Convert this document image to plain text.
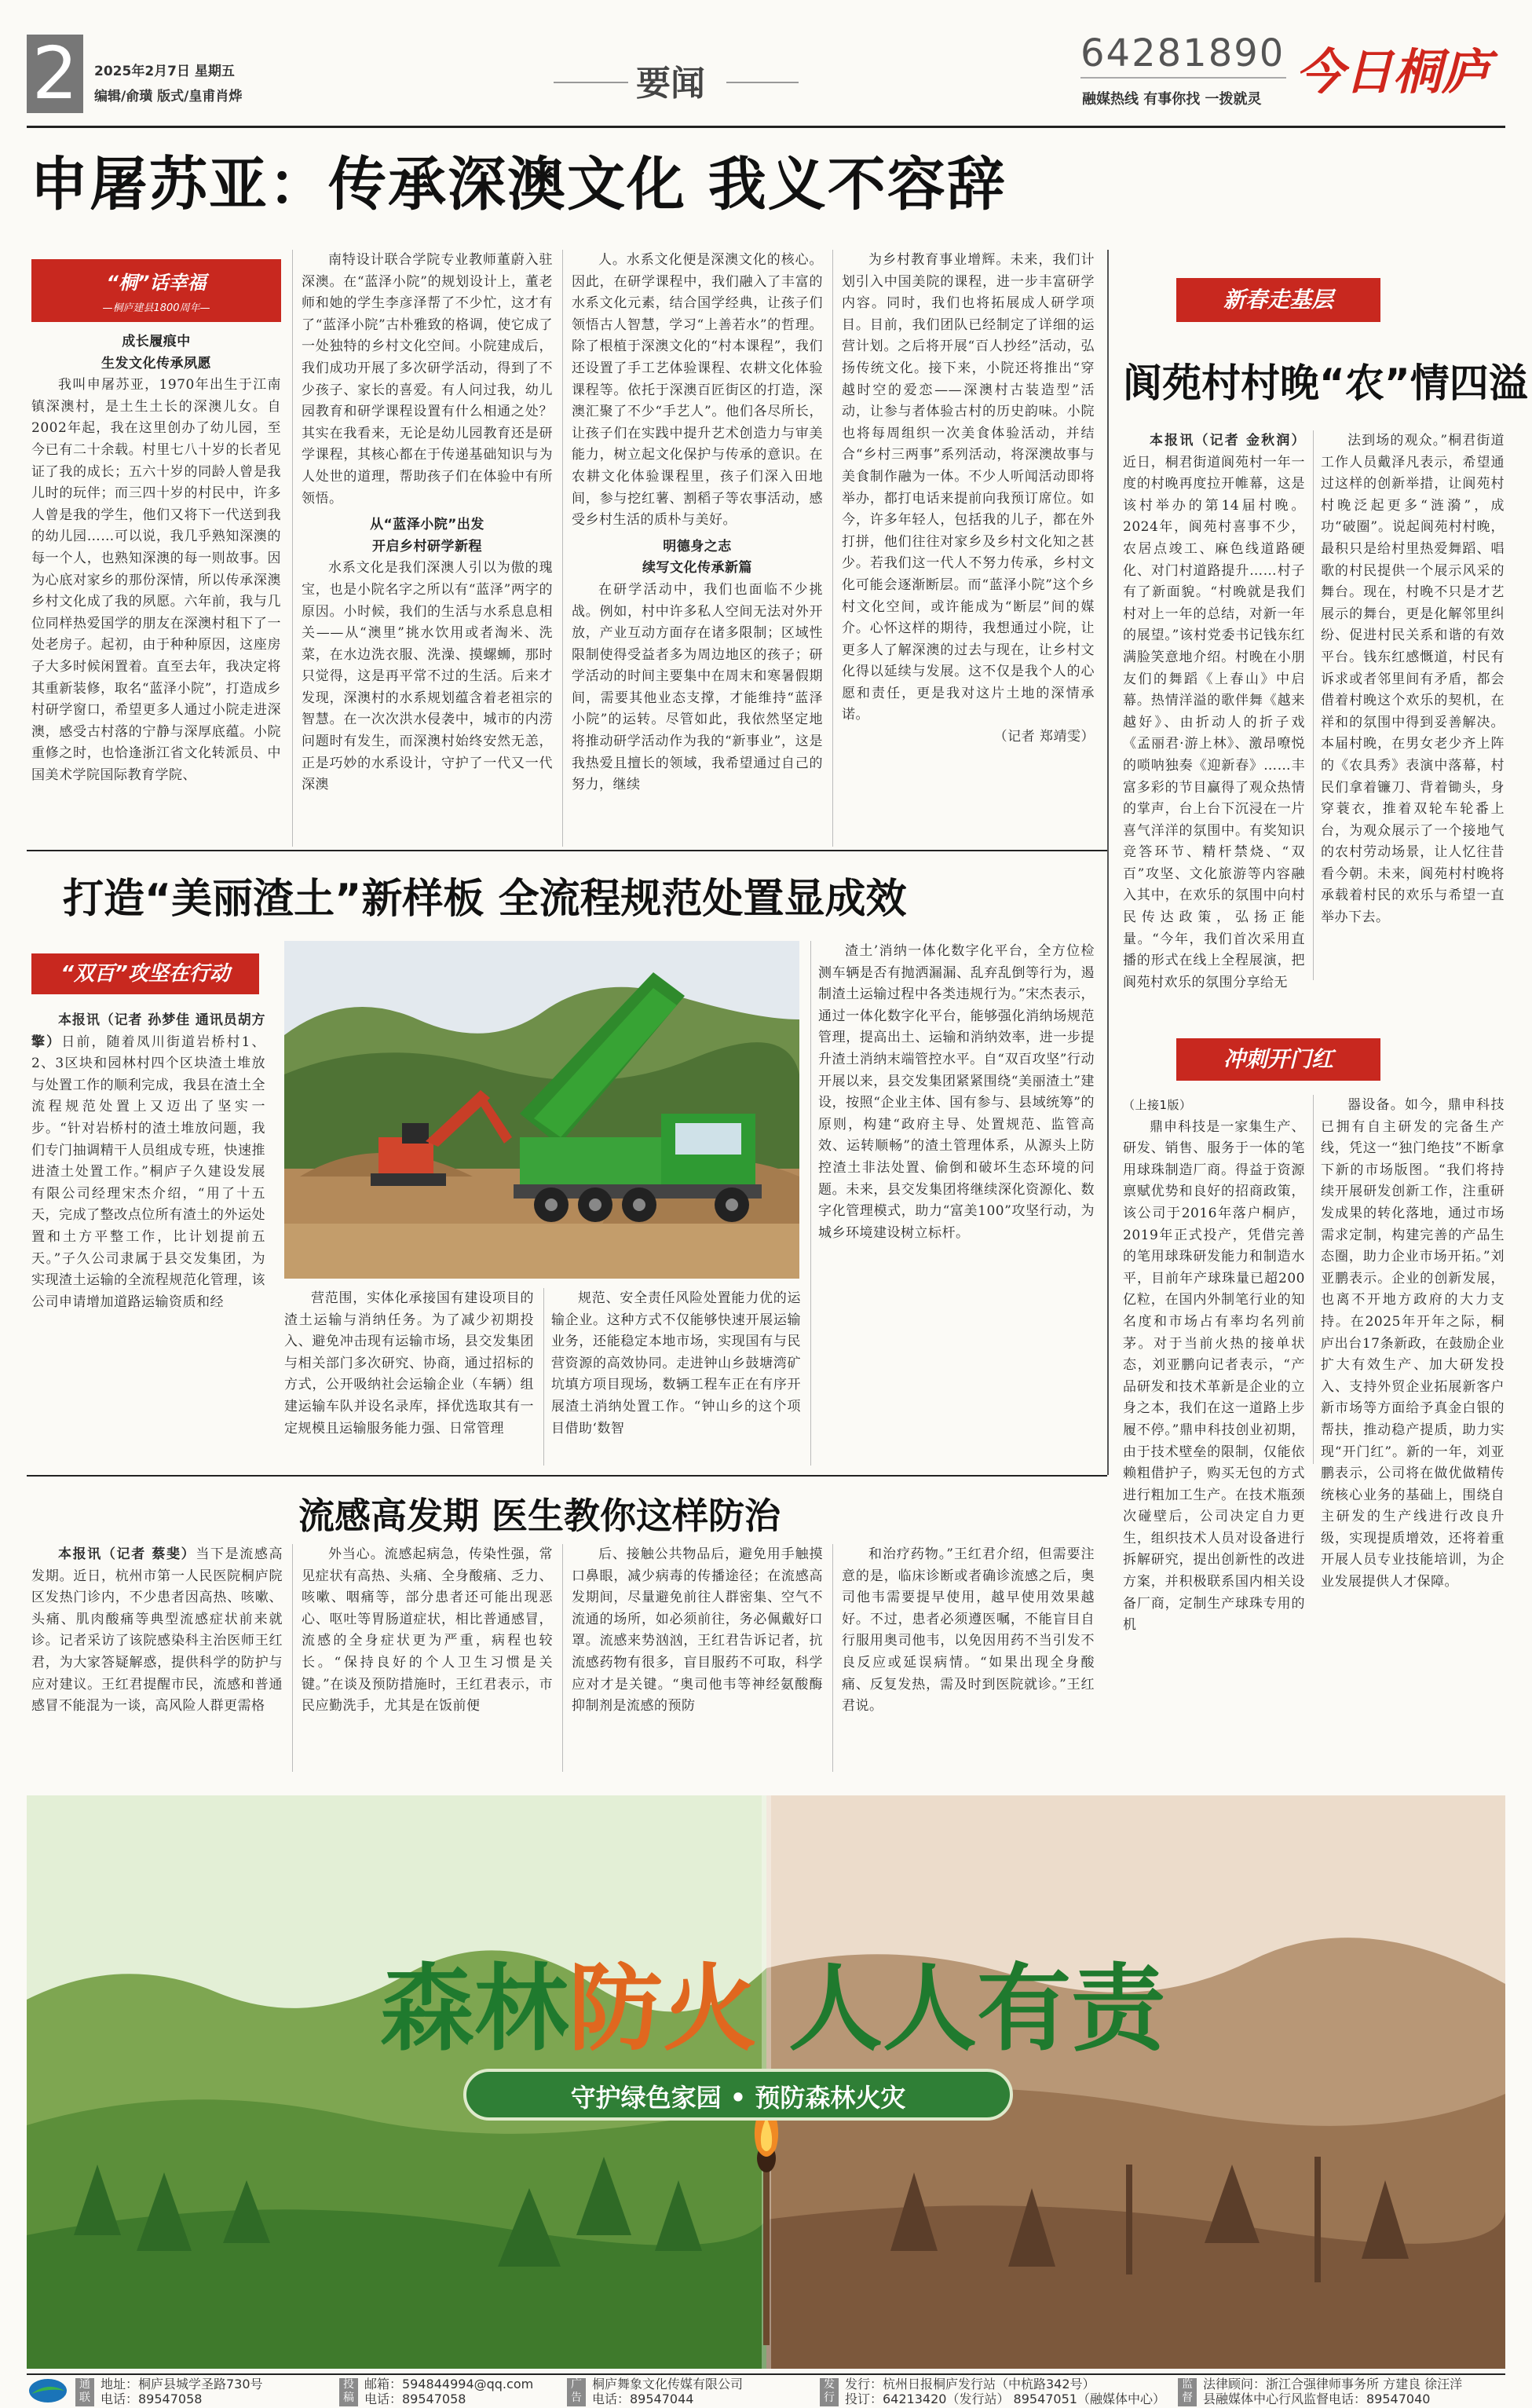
2	2025年2月7日 星期五
编辑/俞璜 版式/皇甫肖烨	要闻
64281890
融媒热线 有事你找 一拨就灵 今日桐庐
申屠苏亚：传承深澳文化 我义不容辞
“桐”话幸福
—桐庐建县1800周年—

成长履痕中

生发文化传承夙愿

我叫申屠苏亚，1970年出生于江南镇深澳村，是土生土长的深澳儿女。自2002年起，我在这里创办了幼儿园，至今已有二十余载。村里七八十岁的长者见证了我的成长；五六十岁的同龄人曾是我儿时的玩伴；而三四十岁的村民中，许多人曾是我的学生，他们又将下一代送到我的幼儿园……可以说，我几乎熟知深澳的每一个人，也熟知深澳的每一则故事。因为心底对家乡的那份深情，所以传承深澳乡村文化成了我的夙愿。六年前，我与几位同样热爱国学的朋友在深澳村租下了一处老房子。起初，由于种种原因，这座房子大多时候闲置着。直至去年，我决定将其重新装修，取名“蓝泽小院”，打造成乡村研学窗口，希望更多人通过小院走进深澳，感受古村落的宁静与深厚底蕴。小院重修之时，也恰逢浙江省文化转派员、中国美术学院国际教育学院、

南特设计联合学院专业教师董蔚入驻深澳。在“蓝泽小院”的规划设计上，董老师和她的学生李彦泽帮了不少忙，这才有了“蓝泽小院”古朴雅致的格调，使它成了一处独特的乡村文化空间。小院建成后，我们成功开展了多次研学活动，得到了不少孩子、家长的喜爱。有人问过我，幼儿园教育和研学课程设置有什么相通之处？其实在我看来，无论是幼儿园教育还是研学课程，其核心都在于传递基础知识与为人处世的道理，帮助孩子们在体验中有所领悟。

从“蓝泽小院”出发

开启乡村研学新程

水系文化是我们深澳人引以为傲的瑰宝，也是小院名字之所以有“蓝泽”两字的原因。小时候，我们的生活与水系息息相关——从“澳里”挑水饮用或者淘米、洗菜，在水边洗衣服、洗澡、摸螺蛳，那时只觉得，这是再平常不过的生活。后来才发现，深澳村的水系规划蕴含着老祖宗的智慧。在一次次洪水侵袭中，城市的内涝问题时有发生，而深澳村始终安然无恙，正是巧妙的水系设计，守护了一代又一代深澳

人。水系文化便是深澳文化的核心。因此，在研学课程中，我们融入了丰富的水系文化元素，结合国学经典，让孩子们领悟古人智慧，学习“上善若水”的哲理。除了根植于深澳文化的“村本课程”，我们还设置了手工艺体验课程、农耕文化体验课程等。依托于深澳百匠街区的打造，深澳汇聚了不少“手艺人”。他们各尽所长，让孩子们在实践中提升艺术创造力与审美能力，树立起文化保护与传承的意识。在农耕文化体验课程里，孩子们深入田地间，参与挖红薯、割稻子等农事活动，感受乡村生活的质朴与美好。

明德身之志

续写文化传承新篇

在研学活动中，我们也面临不少挑战。例如，村中许多私人空间无法对外开放，产业互动方面存在诸多限制；区域性限制使得受益者多为周边地区的孩子；研学活动的时间主要集中在周末和寒暑假期间，需要其他业态支撑，才能维持“蓝泽小院”的运转。尽管如此，我依然坚定地将推动研学活动作为我的“新事业”，这是我热爱且擅长的领域，我希望通过自己的努力，继续

为乡村教育事业增辉。未来，我们计划引入中国美院的课程，进一步丰富研学内容。同时，我们也将拓展成人研学项目。目前，我们团队已经制定了详细的运营计划。之后将开展“百人抄经”活动，弘扬传统文化。接下来，小院还将推出“穿越时空的爱恋——深澳村古装造型”活动，让参与者体验古村的历史韵味。小院也将每周组织一次美食体验活动，并结合“乡村三两事”系列活动，将深澳故事与美食制作融为一体。不少人听闻活动即将举办，都打电话来提前向我预订席位。如今，许多年轻人，包括我的儿子，都在外打拼，他们往往对家乡及乡村文化知之甚少。若我们这一代人不努力传承，乡村文化可能会逐渐断层。而“蓝泽小院”这个乡村文化空间，或许能成为“断层”间的媒介。心怀这样的期待，我想通过小院，让更多人了解深澳的过去与现在，让乡村文化得以延续与发展。这不仅是我个人的心愿和责任，更是我对这片土地的深情承诺。

（记者 郑靖雯）

新春走基层
阆苑村村晚“农”情四溢

本报讯（记者 金秋润）近日，桐君街道阆苑村一年一度的村晚再度拉开帷幕，这是该村举办的第14届村晚。2024年，阆苑村喜事不少，农居点竣工、麻色线道路硬化、对门村道路提升……村子有了新面貌。“村晚就是我们村对上一年的总结，对新一年的展望。”该村党委书记钱东红满脸笑意地介绍。村晚在小朋友们的舞蹈《上春山》中启幕。热情洋溢的歌伴舞《越来越好》、由折动人的折子戏《孟丽君·游上林》、激昂嘹悦的唢呐独奏《迎新春》……丰富多彩的节目赢得了观众热情的掌声，台上台下沉浸在一片喜气洋洋的氛围中。有奖知识竞答环节、精杆禁烧、“双百”攻坚、文化旅游等内容融入其中，在欢乐的氛围中向村民传达政策，弘扬正能量。“今年，我们首次采用直播的形式在线上全程展演，把阆苑村欢乐的氛围分享给无

法到场的观众。”桐君街道工作人员戴泽凡表示，希望通过这样的创新举措，让阆苑村村晚泛起更多“涟漪”，成功“破圈”。说起阆苑村村晚，最积只是给村里热爱舞蹈、唱歌的村民提供一个展示风采的舞台。现在，村晚不只是才艺展示的舞台，更是化解邻里纠纷、促进村民关系和谐的有效平台。钱东红感慨道，村民有诉求或者邻里间有矛盾，都会借着村晚这个欢乐的契机，在祥和的氛围中得到妥善解决。本届村晚，在男女老少齐上阵的《农具秀》表演中落幕，村民们拿着镰刀、背着锄头，身穿蓑衣，推着双轮车轮番上台，为观众展示了一个接地气的农村劳动场景，让人忆往昔看今朝。未来，阆苑村村晚将承载着村民的欢乐与希望一直举办下去。

打造“美丽渣土”新样板 全流程规范处置显成效
“双百”攻坚在行动

本报讯（记者 孙梦佳 通讯员胡方擎）日前，随着凤川街道岩桥村1、2、3区块和园林村四个区块渣土堆放与处置工作的顺利完成，我县在渣土全流程规范处置上又迈出了坚实一步。“针对岩桥村的渣土堆放问题，我们专门抽调精干人员组成专班，快速推进渣土处置工作。”桐庐子久建设发展有限公司经理宋杰介绍，“用了十五天，完成了整改点位所有渣土的外运处置和土方平整工作，比计划提前五天。”子久公司隶属于县交发集团，为实现渣土运输的全流程规范化管理，该公司申请增加道路运输资质和经	营范围，实体化承接国有建设项目的渣土运输与消纳任务。为了减少初期投入、避免冲击现有运输市场，县交发集团与相关部门多次研究、协商，通过招标的方式，公开吸纳社会运输企业（车辆）组建运输车队并设名录库，择优选取其有一定规模且运输服务能力强、日常管理

规范、安全责任风险处置能力优的运输企业。这种方式不仅能够快速开展运输业务，还能稳定本地市场，实现国有与民营资源的高效协同。走进钟山乡鼓塘湾矿坑填方项目现场，数辆工程车正在有序开展渣土消纳处置工作。“钟山乡的这个项目借助‘数智

渣土’消纳一体化数字化平台，全方位检测车辆是否有抛洒漏漏、乱弃乱倒等行为，遏制渣土运输过程中各类违规行为。”宋杰表示，通过一体化数字化平台，能够强化消纳场规范管理，提高出土、运输和消纳效率，进一步提升渣土消纳末端管控水平。自“双百攻坚”行动开展以来，县交发集团紧紧围绕“美丽渣土”建设，按照“企业主体、国有参与、县域统筹”的原则，构建“政府主导、处置规范、监管高效、运转顺畅”的渣土管理体系，从源头上防控渣土非法处置、偷倒和破坏生态环境的问题。未来，县交发集团将继续深化资源化、数字化管理模式，助力“富美100”攻坚行动，为城乡环境建设树立标杆。

冲刺开门红

（上接1版）

鼎申科技是一家集生产、研发、销售、服务于一体的笔用球珠制造厂商。得益于资源禀赋优势和良好的招商政策，该公司于2016年落户桐庐，2019年正式投产，凭借完善的笔用球珠研发能力和制造水平，目前年产球珠量已超200亿粒，在国内外制笔行业的知名度和市场占有率均名列前茅。对于当前火热的接单状态，刘亚鹏向记者表示，“产品研发和技术革新是企业的立身之本，我们在这一道路上步履不停。”鼎申科技创业初期，由于技术壁垒的限制，仅能依赖粗借护子，购买无包的方式进行粗加工生产。在技术瓶颈次碰壁后，公司决定自力更生，组织技术人员对设备进行拆解研究，提出创新性的改进方案，并积极联系国内相关设备厂商，定制生产球珠专用的机

器设备。如今，鼎申科技已拥有自主研发的完备生产线，凭这一“独门绝技”不断拿下新的市场版图。“我们将持续开展研发创新工作，注重研发成果的转化落地，通过市场需求定制，构建完善的产品生态圈，助力企业市场开拓。”刘亚鹏表示。企业的创新发展，也离不开地方政府的大力支持。在2025年开年之际，桐庐出台17条新政，在鼓励企业扩大有效生产、加大研发投入、支持外贸企业拓展新客户新市场等方面给予真金白银的帮扶，推动稳产提质，助力实现“开门红”。新的一年，刘亚鹏表示，公司将在做优做精传统核心业务的基础上，围绕自主研发的生产线进行改良升级，实现提质增效，还将着重开展人员专业技能培训，为企业发展提供人才保障。

流感高发期 医生教你这样防治

本报讯（记者 蔡斐）当下是流感高发期。近日，杭州市第一人民医院桐庐院区发热门诊内，不少患者因高热、咳嗽、头痛、肌肉酸痛等典型流感症状前来就诊。记者采访了该院感染科主治医师王红君，为大家答疑解惑，提供科学的防护与应对建议。王红君提醒市民，流感和普通感冒不能混为一谈，高风险人群更需格

外当心。流感起病急，传染性强，常见症状有高热、头痛、全身酸痛、乏力、咳嗽、咽痛等，部分患者还可能出现恶心、呕吐等胃肠道症状，相比普通感冒，流感的全身症状更为严重，病程也较长。“保持良好的个人卫生习惯是关键。”在谈及预防措施时，王红君表示，市民应勤洗手，尤其是在饭前便

后、接触公共物品后，避免用手触摸口鼻眼，减少病毒的传播途径；在流感高发期间，尽量避免前往人群密集、空气不流通的场所，如必须前往，务必佩戴好口罩。流感来势汹汹，王红君告诉记者，抗流感药物有很多，盲目服药不可取，科学应对才是关键。“奥司他韦等神经氨酸酶抑制剂是流感的预防

和治疗药物。”王红君介绍，但需要注意的是，临床诊断或者确诊流感之后，奥司他韦需要提早使用，越早使用效果越好。不过，患者必须遵医嘱，不能盲目自行服用奥司他韦，以免因用药不当引发不良反应或延误病情。“如果出现全身酸痛、反复发热，需及时到医院就诊。”王红君说。

森林防火 人人有责
守护绿色家园 • 预防森林火灾
通联
地址：桐庐县城学圣路730号
电话：89547058
投稿
邮箱：594844994@qq.com
电话：89547058
广告
桐庐舞象文化传媒有限公司
电话：89547044
发行
发行：杭州日报桐庐发行站（中杭路342号）
投订：64213420（发行站） 89547051（融媒体中心）
监督
法律顾问：浙江合强律师事务所 方建良 徐汪洋
县融媒体中心行风监督电话：89547040
